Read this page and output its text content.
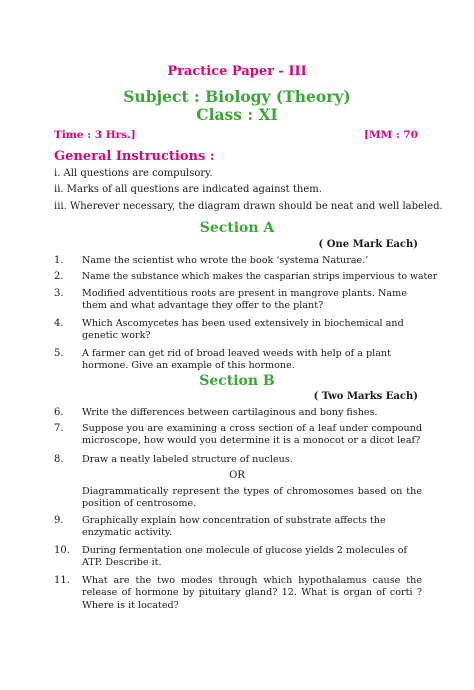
Practice Paper - III
Subject : Biology (Theory)
Class : XI
Time : 3 Hrs.]	[MM : 70
General Instructions :
i. All questions are compulsory.
ii. Marks of all questions are indicated against them.
iii. Wherever necessary, the diagram drawn should be neat and well labeled.
Section A
( One Mark Each)
1.	Name the scientist who wrote the book ‘systema Naturae.’
2.	Name the substance which makes the casparian strips impervious to water
3.	Modified adventitious roots are present in mangrove plants. Name them and what advantage they offer to the plant?
4.	Which Ascomycetes has been used extensively in biochemical and genetic work?
5.	A farmer can get rid of broad leaved weeds with help of a plant hormone. Give an example of this hormone.
Section B
( Two Marks Each)
6.	Write the differences between cartilaginous and bony fishes.
7.	Suppose you are examining a cross section of a leaf under compound microscope, how would you determine it is a monocot or a dicot leaf?
8.	Draw a neatly labeled structure of nucleus.
OR
Diagrammatically represent the types of chromosomes based on the position of centrosome.
9.	Graphically explain how concentration of substrate affects the enzymatic activity.
10.	During fermentation one molecule of glucose yields 2 molecules of ATP. Describe it.
11.	What are the two modes through which hypothalamus cause the release of hormone by pituitary gland? 12. What is organ of corti ? Where is it located?
